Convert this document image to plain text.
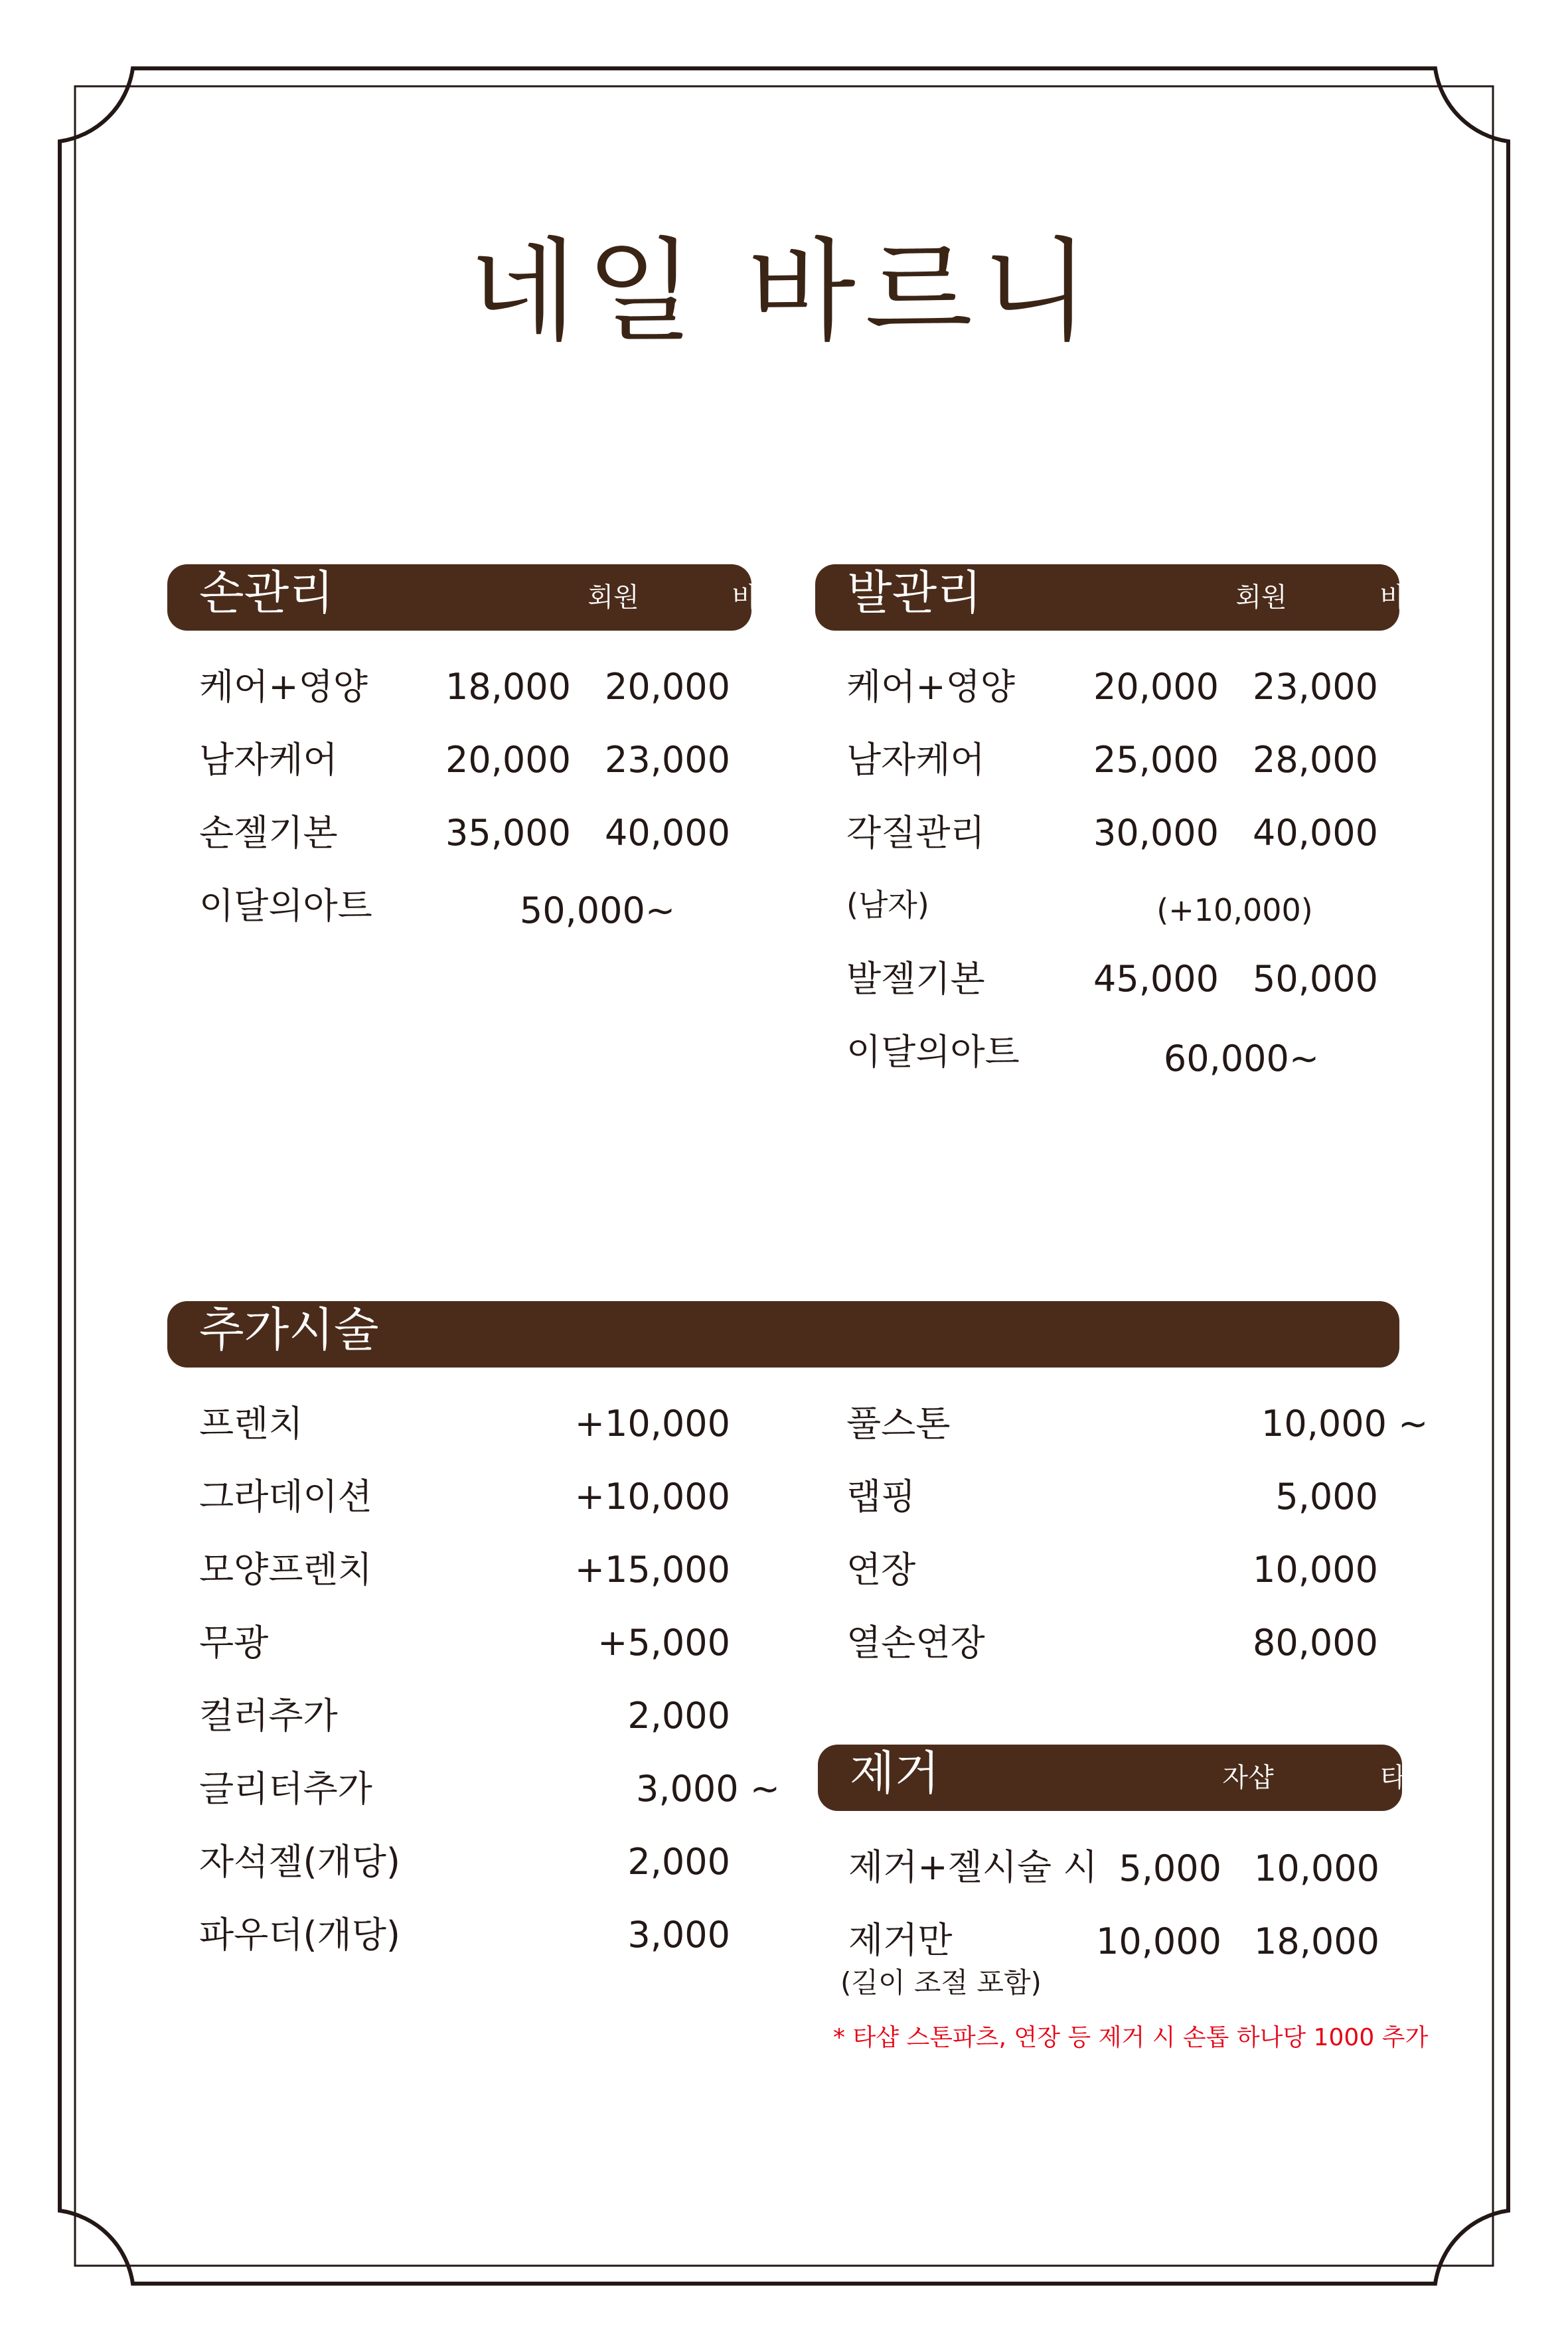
네일 바르니
손관리	회원	비회원
케어+영양	18,000 20,000
남자케어	20,000 23,000
손젤기본	35,000 40,000
이달의아트	50,000~
발관리	회원	비회원
케어+영양	20,000 23,000
남자케어	25,000 28,000
각질관리	30,000 40,000
(남자)	(+10,000)
발젤기본	45,000 50,000
이달의아트	60,000~
추가시술
프렌치	+10,000
그라데이션	+10,000
모양프렌치	+15,000
무광	+5,000
컬러추가	2,000
글리터추가	3,000 ~
자석젤(개당)	2,000
파우더(개당)	3,000
풀스톤	10,000 ~
랩핑	5,000
연장	10,000
열손연장	80,000
제거	자샵	타샵
제거+젤시술 시 5,000 10,000
제거만	10,000 18,000
(길이 조절 포함)
* 타샵 스톤파츠, 연장 등 제거 시 손톱 하나당 1000 추가
